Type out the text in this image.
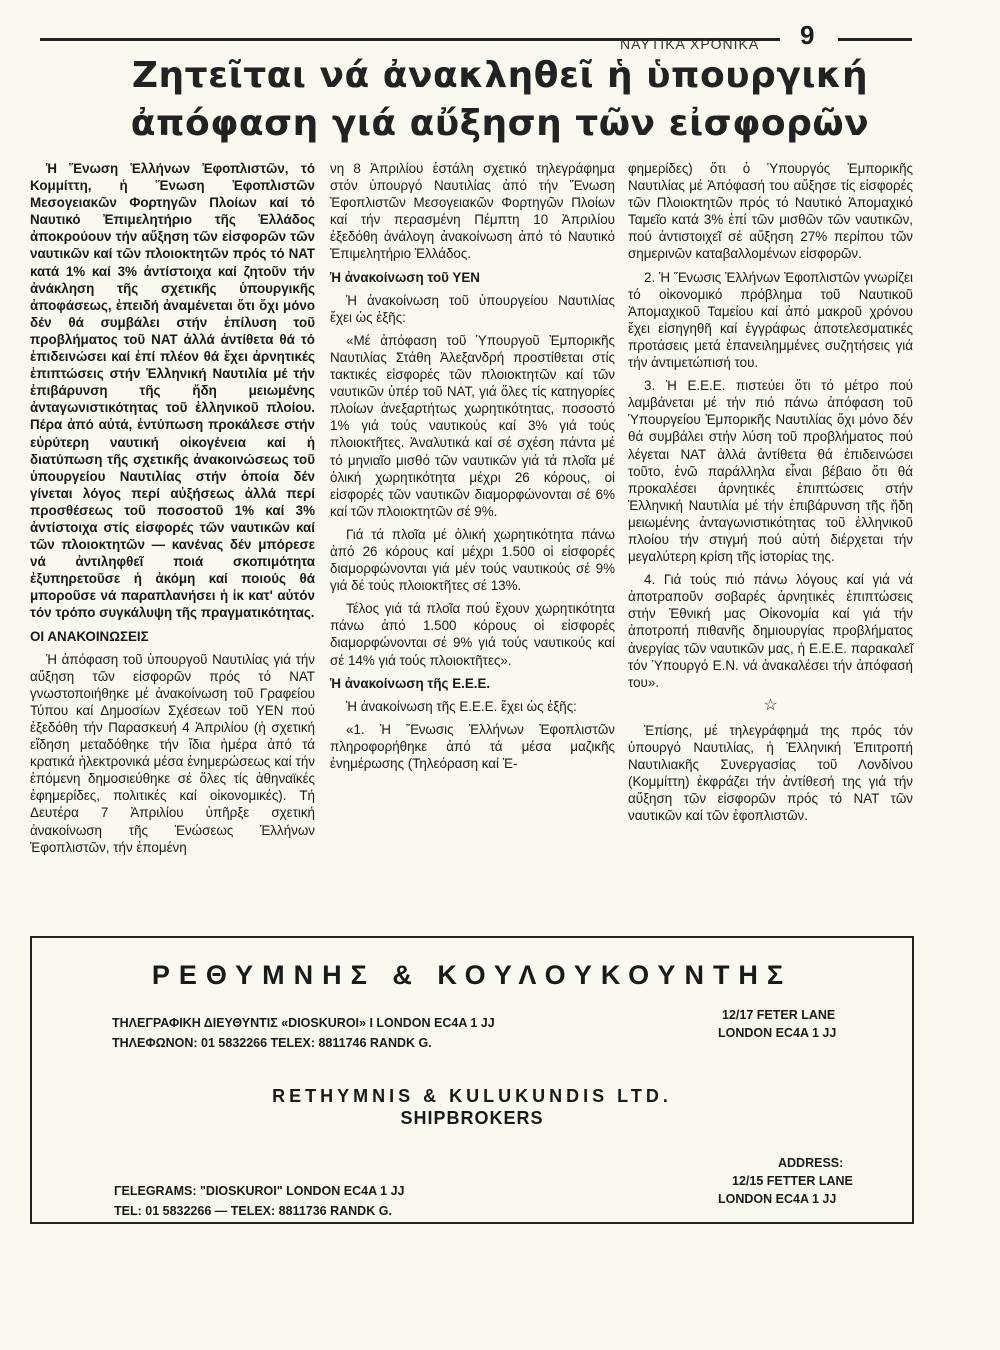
ΝΑΥΤΙΚΑ ΧΡΟΝΙΚΑ 9
Ζητεῖται νά ἀνακληθεῖ ἡ ὑπουργική
ἀπόφαση γιά αὔξηση τῶν εἰσφορῶν

Ἡ Ἕνωση Ἑλλήνων Ἐφοπλιστῶν, τό Κομμίττη, ἡ Ἕνωση Ἐφοπλιστῶν Μεσογειακῶν Φορτηγῶν Πλοίων καί τό Ναυτικό Ἐπιμελητήριο τῆς Ἑλλάδος ἀποκρούουν τήν αὔξηση τῶν εἰσφορῶν τῶν ναυτικῶν καί τῶν πλοιοκτητῶν πρός τό ΝΑΤ κατά 1% καί 3% ἀντίστοιχα καί ζητοῦν τήν ἀνάκληση τῆς σχετικῆς ὑπουργικῆς ἀποφάσεως, ἐπειδή ἀναμένεται ὅτι ὄχι μόνο δέν θά συμβάλει στήν ἐπίλυση τοῦ προβλήματος τοῦ ΝΑΤ ἀλλά ἀντίθετα θά τό ἐπιδεινώσει καί ἐπί πλέον θά ἔχει ἀρνητικές ἐπιπτώσεις στήν Ἑλληνική Ναυτιλία μέ τήν ἐπιβάρυνση τῆς ἤδη μειωμένης ἀνταγωνιστικότητας τοῦ ἑλληνικοῦ πλοίου. Πέρα ἀπό αὐτά, ἐντύπωση προκάλεσε στήν εὐρύτερη ναυτική οἰκογένεια καί ἡ διατύπωση τῆς σχετικῆς ἀνακοινώσεως τοῦ ὑπουργείου Ναυτιλίας στήν ὁποία δέν γίνεται λόγος περί αὐξήσεως ἀλλά περί προσθέσεως τοῦ ποσοστοῦ 1% καί 3% ἀντίστοιχα στίς εἰσφορές τῶν ναυτικῶν καί τῶν πλοιοκτητῶν — κανένας δέν μπόρεσε νά ἀντιληφθεῖ ποιά σκοπιμότητα ἐξυπηρετοῦσε ἡ ἀκόμη καί ποιούς θά μποροῦσε νά παραπλανήσει ἡ ἰκ κατ' αὐτόν τόν τρόπο συγκάλυψη τῆς πραγματικότητας.

ΟΙ ΑΝΑΚΟΙΝΩΣΕΙΣ

Ἡ ἀπόφαση τοῦ ὑπουργοῦ Ναυτιλίας γιά τήν αὔξηση τῶν εἰσφορῶν πρός τό ΝΑΤ γνωστοποιήθηκε μέ ἀνακοίνωση τοῦ Γραφείου Τύπου καί Δημοσίων Σχέσεων τοῦ ΥΕΝ πού ἐξεδόθη τήν Παρασκευή 4 Ἀπριλίου (ἡ σχετική εἴδηση μεταδόθηκε τήν ἴδια ἡμέρα ἀπό τά κρατικά ἠλεκτρονικά μέσα ἐνημερώσεως καί τήν ἑπόμενη δημοσιεύθηκε σέ ὅλες τίς ἀθηναϊκές ἐφημερίδες, πολιτικές καί οἰκονομικές). Τή Δευτέρα 7 Ἀπριλίου ὑπῆρξε σχετική ἀνακοίνωση τῆς Ἑνώσεως Ἑλλήνων Ἐφοπλιστῶν, τήν ἑπομένη

νη 8 Ἀπριλίου ἐστάλη σχετικό τηλεγράφημα στόν ὑπουργό Ναυτιλίας ἀπό τήν Ἕνωση Ἐφοπλιστῶν Μεσογειακῶν Φορτηγῶν Πλοίων καί τήν περασμένη Πέμπτη 10 Ἀπριλίου ἐξεδόθη ἀνάλογη ἀνακοίνωση ἀπό τό Ναυτικό Ἐπιμελητήριο Ἑλλάδος.

Ἡ ἀνακοίνωση τοῦ ΥΕΝ

Ἡ ἀνακοίνωση τοῦ ὑπουργείου Ναυτιλίας ἔχει ὡς ἑξῆς:

«Μέ ἀπόφαση τοῦ Ὑπουργοῦ Ἐμπορικῆς Ναυτιλίας Στάθη Ἀλεξανδρή προστίθεται στίς τακτικές εἰσφορές τῶν πλοιοκτητῶν καί τῶν ναυτικῶν ὑπέρ τοῦ ΝΑΤ, γιά ὅλες τίς κατηγορίες πλοίων ἀνεξαρτήτως χωρητικότητας, ποσοστό 1% γιά τούς ναυτικούς καί 3% γιά τούς πλοιοκτῆτες. Ἀναλυτικά καί σέ σχέση πάντα μέ τό μηνιαῖο μισθό τῶν ναυτικῶν γιά τά πλοῖα μέ ὁλική χωρητικότητα μέχρι 26 κόρους, οἱ εἰσφορές τῶν ναυτικῶν διαμορφώνονται σέ 6% καί τῶν πλοιοκτητῶν σέ 9%.

Γιά τά πλοῖα μέ ὁλική χωρητικότητα πάνω ἀπό 26 κόρους καί μέχρι 1.500 οἱ εἰσφορές διαμορφώνονται γιά μέν τούς ναυτικούς σέ 9% γιά δέ τούς πλοιοκτῆτες σέ 13%.

Τέλος γιά τά πλοῖα πού ἔχουν χωρητικότητα πάνω ἀπό 1.500 κόρους οἱ εἰσφορές διαμορφώνονται σέ 9% γιά τούς ναυτικούς καί σέ 14% γιά τούς πλοιοκτῆτες».

Ἡ ἀνακοίνωση τῆς Ε.Ε.Ε.

Ἡ ἀνακοίνωση τῆς Ε.Ε.Ε. ἔχει ὡς ἑξῆς:

«1. Ἡ Ἕνωσις Ἑλλήνων Ἐφοπλιστῶν πληροφορήθηκε ἀπό τά μέσα μαζικῆς ἐνημέρωσης (Τηλεόραση καί Ἐ-

φημερίδες) ὅτι ὁ Ὑπουργός Ἐμπορικῆς Ναυτιλίας μέ Ἀπόφασή του αὔξησε τίς εἰσφορές τῶν Πλοιοκτητῶν πρός τό Ναυτικό Ἀπομαχικό Ταμεῖο κατά 3% ἐπί τῶν μισθῶν τῶν ναυτικῶν, πού ἀντιστοιχεῖ σέ αὔξηση 27% περίπου τῶν σημερινῶν καταβαλλομένων εἰσφορῶν.

2. Ἡ Ἕνωσις Ἑλλήνων Ἐφοπλιστῶν γνωρίζει τό οἰκονομικό πρόβλημα τοῦ Ναυτικοῦ Ἀπομαχικοῦ Ταμείου καί ἀπό μακροῦ χρόνου ἔχει εἰσηγηθῆ καί ἐγγράφως ἀποτελεσματικές προτάσεις μετά ἐπανειλημμένες συζητήσεις γιά τήν ἀντιμετώπισή του.

3. Ἡ Ε.Ε.Ε. πιστεύει ὅτι τό μέτρο πού λαμβάνεται μέ τήν πιό πάνω ἀπόφαση τοῦ Ὑπουργείου Ἐμπορικῆς Ναυτιλίας ὄχι μόνο δέν θά συμβάλει στήν λύση τοῦ προβλήματος πού λέγεται ΝΑΤ ἀλλά ἀντίθετα θά ἐπιδεινώσει τοῦτο, ἐνῶ παράλληλα εἶναι βέβαιο ὅτι θά προκαλέσει ἀρνητικές ἐπιπτώσεις στήν Ἑλληνική Ναυτιλία μέ τήν ἐπιβάρυνση τῆς ἤδη μειωμένης ἀνταγωνιστικότητας τοῦ ἑλληνικοῦ πλοίου τήν στιγμή πού αὐτή διέρχεται τήν μεγαλύτερη κρίση τῆς ἱστορίας της.

4. Γιά τούς πιό πάνω λόγους καί γιά νά ἀποτραποῦν σοβαρές ἀρνητικές ἐπιπτώσεις στήν Ἐθνική μας Οἰκονομία καί γιά τήν ἀποτροπή πιθανῆς δημιουργίας προβλήματος ἀνεργίας τῶν ναυτικῶν μας, ἡ Ε.Ε.Ε. παρακαλεῖ τόν Ὑπουργό Ε.Ν. νά ἀνακαλέσει τήν ἀπόφασή του».

☆

Ἐπίσης, μέ τηλεγράφημά της πρός τόν ὑπουργό Ναυτιλίας, ἡ Ἑλληνική Ἐπιτροπή Ναυτιλιακῆς Συνεργασίας τοῦ Λονδίνου (Κομμίττη) ἐκφράζει τήν ἀντίθεσή της γιά τήν αὔξηση τῶν εἰσφορῶν πρός τό ΝΑΤ τῶν ναυτικῶν καί τῶν ἐφοπλιστῶν.

ΡΕΘΥΜΝΗΣ & ΚΟΥΛΟΥΚΟΥΝΤΗΣ
ΤΗΛΕΓΡΑΦΙΚΗ ΔΙΕΥΘΥΝΤΙΣ «DIOSKUROI» Ι LONDON EC4A 1 JJ
ΤΗΛΕΦΩΝΟΝ: 01 5832266 TELEX: 8811746 RANDK G.
12/17 FETER LANE
LONDON EC4A 1 JJ
RETHYMNIS & KULUKUNDIS LTD.
SHIPBROKERS
ADDRESS:
12/15 FETTER LANE
LONDON EC4A 1 JJ
ΓELEGRAMS: "DIOSKUROI" LONDON EC4A 1 JJ
TEL: 01 5832266 — TELEX: 8811736 RANDK G.
